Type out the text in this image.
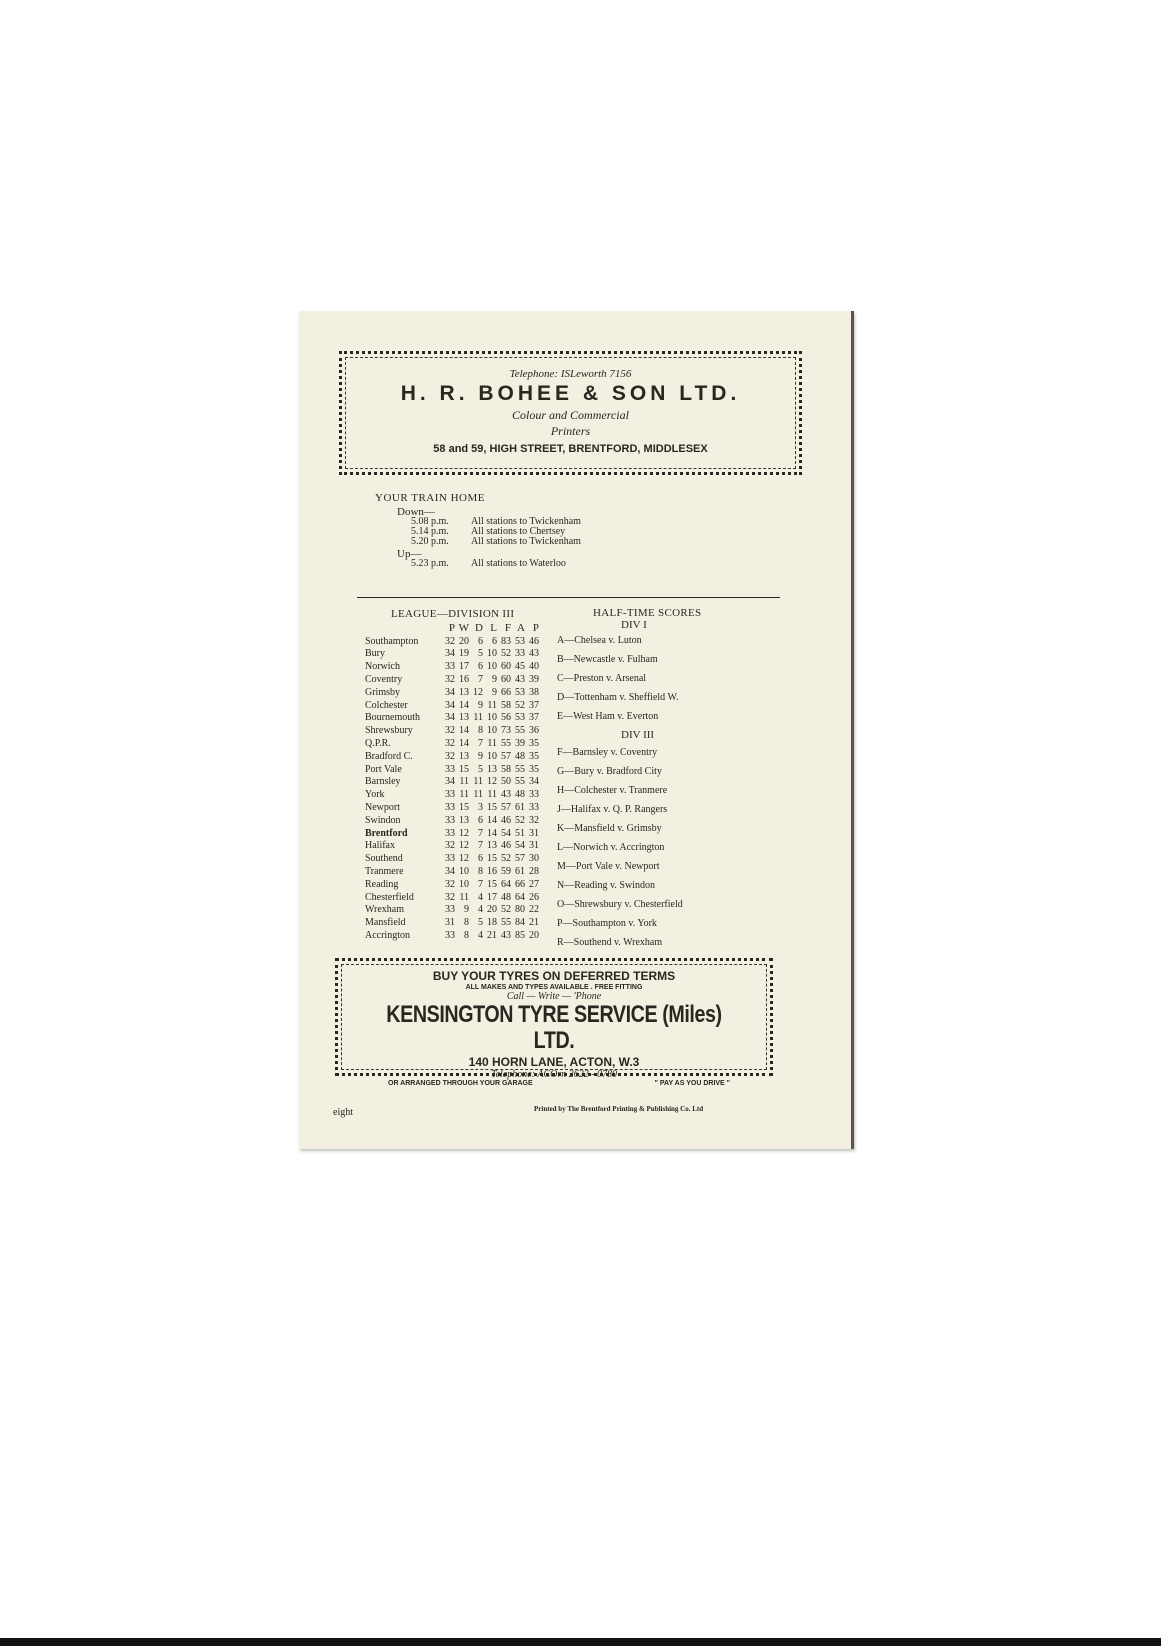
Telephone: ISLeworth 7156
H. R. BOHEE & SON LTD.
Colour and Commercial
Printers
58 and 59, HIGH STREET, BRENTFORD, MIDDLESEX
YOUR TRAIN HOME
Down—
5.08 p.m.	All stations to Twickenham
5.14 p.m.	All stations to Chertsey
5.20 p.m.	All stations to Twickenham
Up—
5.23 p.m.	All stations to Waterloo
LEAGUE—DIVISION III
	P	W	D	L	F	A	P
Southampton	32	20	6	6	83	53	46
Bury	34	19	5	10	52	33	43
Norwich	33	17	6	10	60	45	40
Coventry	32	16	7	9	60	43	39
Grimsby	34	13	12	9	66	53	38
Colchester	34	14	9	11	58	52	37
Bournemouth	34	13	11	10	56	53	37
Shrewsbury	32	14	8	10	73	55	36
Q.P.R.	32	14	7	11	55	39	35
Bradford C.	32	13	9	10	57	48	35
Port Vale	33	15	5	13	58	55	35
Barnsley	34	11	11	12	50	55	34
York	33	11	11	11	43	48	33
Newport	33	15	3	15	57	61	33
Swindon	33	13	6	14	46	52	32
Brentford	33	12	7	14	54	51	31
Halifax	32	12	7	13	46	54	31
Southend	33	12	6	15	52	57	30
Tranmere	34	10	8	16	59	61	28
Reading	32	10	7	15	64	66	27
Chesterfield	32	11	4	17	48	64	26
Wrexham	33	9	4	20	52	80	22
Mansfield	31	8	5	18	55	84	21
Accrington	33	8	4	21	43	85	20
HALF-TIME SCORES
DIV I
A—Chelsea v. Luton
B—Newcastle v. Fulham
C—Preston v. Arsenal
D—Tottenham v. Sheffield W.
E—West Ham v. Everton
DIV III
F—Barnsley v. Coventry
G—Bury v. Bradford City
H—Colchester v. Tranmere
J—Halifax v. Q. P. Rangers
K—Mansfield v. Grimsby
L—Norwich v. Accrington
M—Port Vale v. Newport
N—Reading v. Swindon
O—Shrewsbury v. Chesterfield
P—Southampton v. York
R—Southend v. Wrexham
BUY YOUR TYRES ON DEFERRED TERMS
ALL MAKES AND TYPES AVAILABLE . FREE FITTING
Call — Write — 'Phone
KENSINGTON TYRE SERVICE (Miles) LTD.
140 HORN LANE, ACTON, W.3
Telephone: ACOrn 2622 - 0780
OR ARRANGED THROUGH YOUR GARAGE	" PAY AS YOU DRIVE "
eight	Printed by The Brentford Printing & Publishing Co. Ltd
